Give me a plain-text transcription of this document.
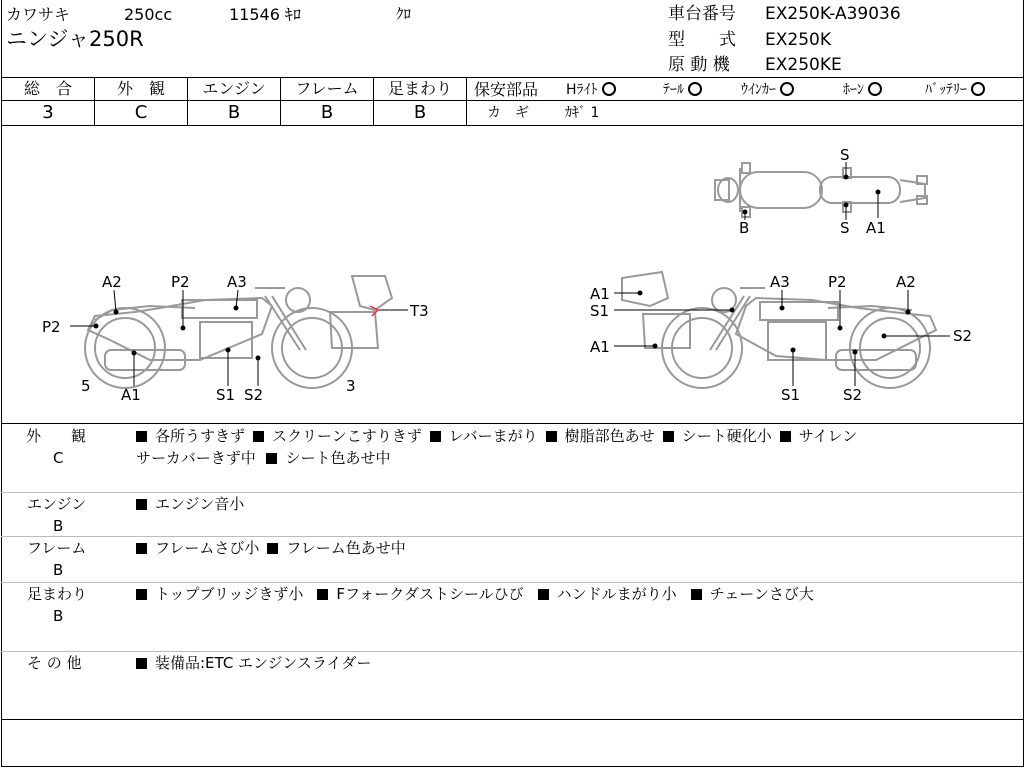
カワサキ	250cc	11546 ｷﾛ	ｸﾛ
ニンジャ250R
車台番号 EX250K-A39036
型　　式 EX250K
原 動 機 EX250KE
総　合
3
外　観
C
エンジン
B
フレーム
B
足まわり
B
保安部品 Hﾗｲﾄ	ﾃｰﾙ	ｳｲﾝｶｰ	ﾎｰﾝ	ﾊﾞｯﾃﾘｰ
カ　ギ	ｶｷﾞ 1
S
B	S A1
A2	P2 A3
T3
P2
5 A1	S1 S2	3
A1
S1
A1
A3	P2	A2
S2
S1	S2
外　　観
C
各所うすきず スクリーンこすりきず レバーまがり 樹脂部色あせ シート硬化小 サイレン
サーカバーきず中 シート色あせ中
エンジン
B
エンジン音小
フレーム
B
フレームさび小 フレーム色あせ中
足まわり
B
トップブリッジきず小 Fフォークダストシールひび ハンドルまがり小 チェーンさび大
そ の 他	装備品:ETC エンジンスライダー
